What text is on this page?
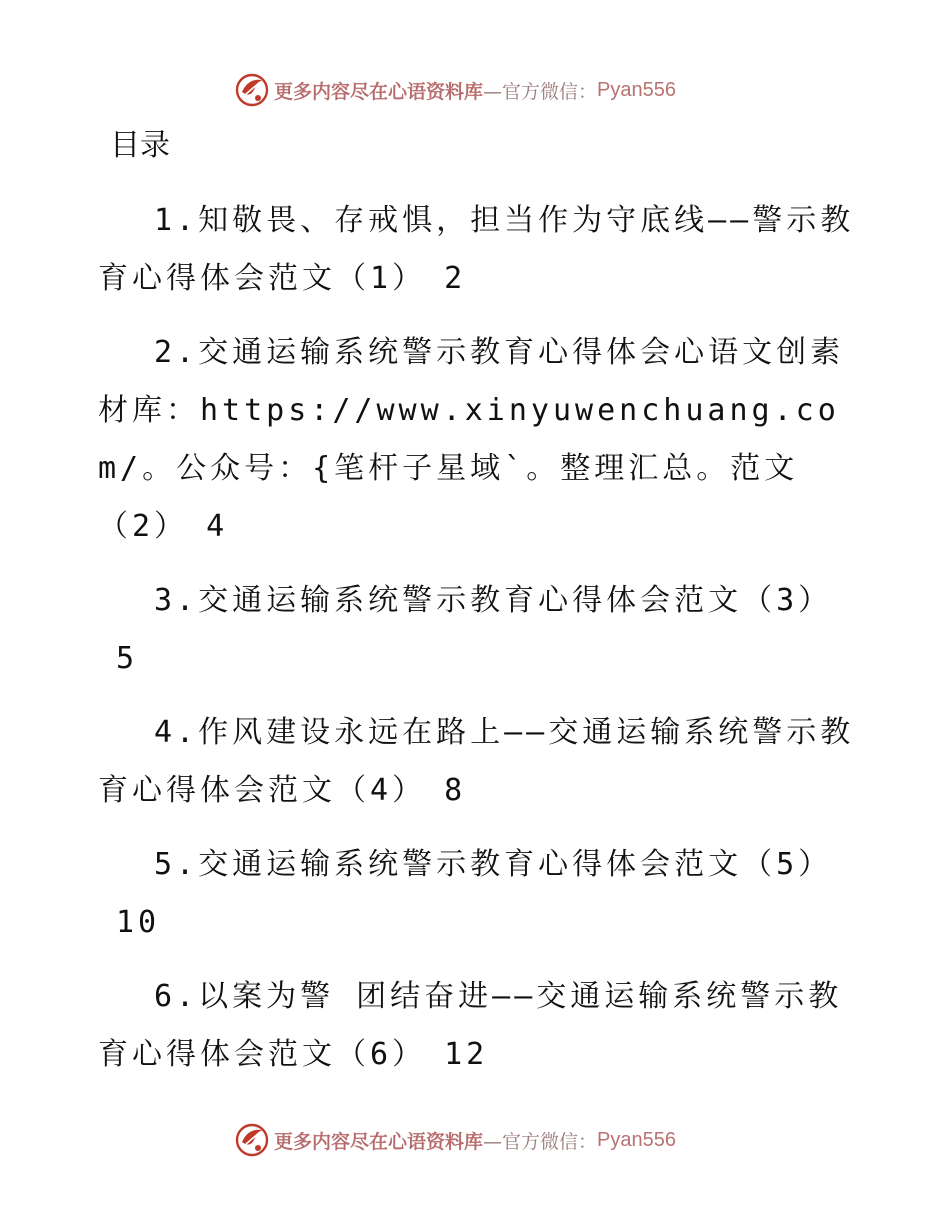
更多内容尽在心语资料库 —官方微信： Pyan556
目录

1.知敬畏、存戒惧，担当作为守底线——警示教育心得体会范文（1） 2

2.交通运输系统警示教育心得体会心语文创素材库：https://www.xinyuwenchuang.com/。公众号：{笔杆子星域`。整理汇总。范文（2） 4

3.交通运输系统警示教育心得体会范文（3）5

4.作风建设永远在路上——交通运输系统警示教育心得体会范文（4） 8

5.交通运输系统警示教育心得体会范文（5）10

6.以案为警 团结奋进——交通运输系统警示教育心得体会范文（6） 12

更多内容尽在心语资料库 —官方微信： Pyan556
